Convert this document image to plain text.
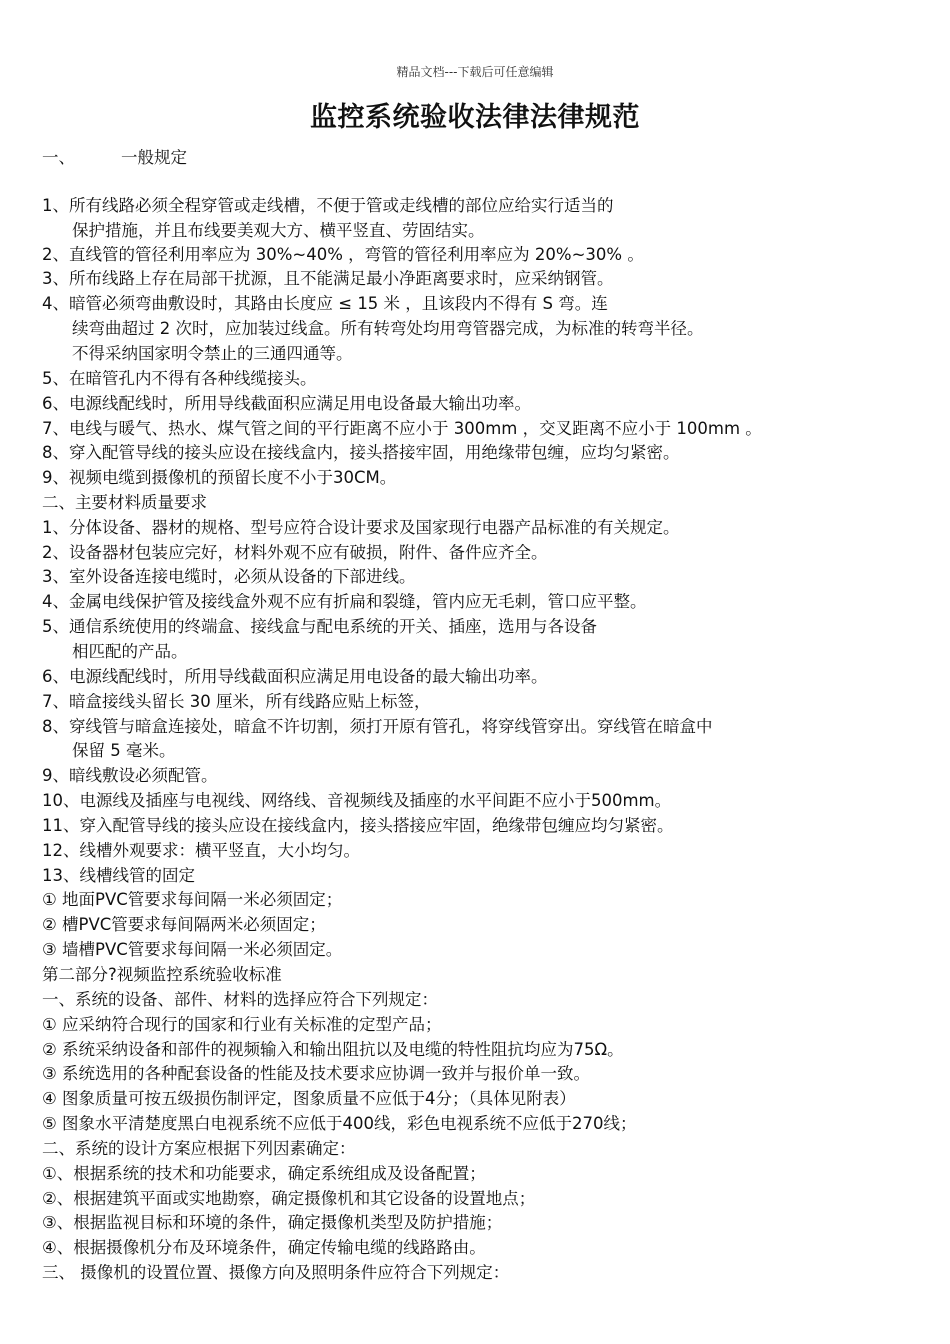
精品文档---下载后可任意编辑
监控系统验收法律法律规范
一、	一般规定
1、所有线路必须全程穿管或走线槽，不便于管或走线槽的部位应给实行适当的
保护措施，并且布线要美观大方、横平竖直、劳固结实。
2、直线管的管径利用率应为 30%~40% ，弯管的管径利用率应为 20%~30% 。
3、所布线路上存在局部干扰源，且不能满足最小净距离要求时，应采纳钢管。
4、暗管必须弯曲敷设时，其路由长度应 ≤ 15 米 ，且该段内不得有 S 弯。连
续弯曲超过 2 次时，应加装过线盒。所有转弯处均用弯管器完成，为标准的转弯半径。
不得采纳国家明令禁止的三通四通等。
5、在暗管孔内不得有各种线缆接头。
6、电源线配线时，所用导线截面积应满足用电设备最大输出功率。
7、电线与暖气、热水、煤气管之间的平行距离不应小于 300mm ，交叉距离不应小于 100mm 。
8、穿入配管导线的接头应设在接线盒内，接头搭接牢固，用绝缘带包缠，应均匀紧密。
9、视频电缆到摄像机的预留长度不小于30CM。
二、主要材料质量要求
1、分体设备、器材的规格、型号应符合设计要求及国家现行电器产品标准的有关规定。
2、设备器材包装应完好，材料外观不应有破损，附件、备件应齐全。
3、室外设备连接电缆时，必须从设备的下部进线。
4、金属电线保护管及接线盒外观不应有折扁和裂缝，管内应无毛刺，管口应平整。
5、通信系统使用的终端盒、接线盒与配电系统的开关、插座，选用与各设备
相匹配的产品。
6、电源线配线时，所用导线截面积应满足用电设备的最大输出功率。
7、暗盒接线头留长 30 厘米，所有线路应贴上标签，
8、穿线管与暗盒连接处，暗盒不许切割，须打开原有管孔，将穿线管穿出。穿线管在暗盒中
保留 5 毫米。
9、暗线敷设必须配管。
10、电源线及插座与电视线、网络线、音视频线及插座的水平间距不应小于500mm。
11、穿入配管导线的接头应设在接线盒内，接头搭接应牢固，绝缘带包缠应均匀紧密。
12、线槽外观要求：横平竖直，大小均匀。
13、线槽线管的固定
① 地面PVC管要求每间隔一米必须固定；
② 槽PVC管要求每间隔两米必须固定；
③ 墙槽PVC管要求每间隔一米必须固定。
第二部分?视频监控系统验收标准
一、系统的设备、部件、材料的选择应符合下列规定：
① 应采纳符合现行的国家和行业有关标准的定型产品；
② 系统采纳设备和部件的视频输入和输出阻抗以及电缆的特性阻抗均应为75Ω。
③ 系统选用的各种配套设备的性能及技术要求应协调一致并与报价单一致。
④ 图象质量可按五级损伤制评定，图象质量不应低于4分；（具体见附表）
⑤ 图象水平清楚度黑白电视系统不应低于400线，彩色电视系统不应低于270线；
二、系统的设计方案应根据下列因素确定：
①、根据系统的技术和功能要求，确定系统组成及设备配置；
②、根据建筑平面或实地勘察，确定摄像机和其它设备的设置地点；
③、根据监视目标和环境的条件，确定摄像机类型及防护措施；
④、根据摄像机分布及环境条件，确定传输电缆的线路路由。
三、 摄像机的设置位置、摄像方向及照明条件应符合下列规定：
